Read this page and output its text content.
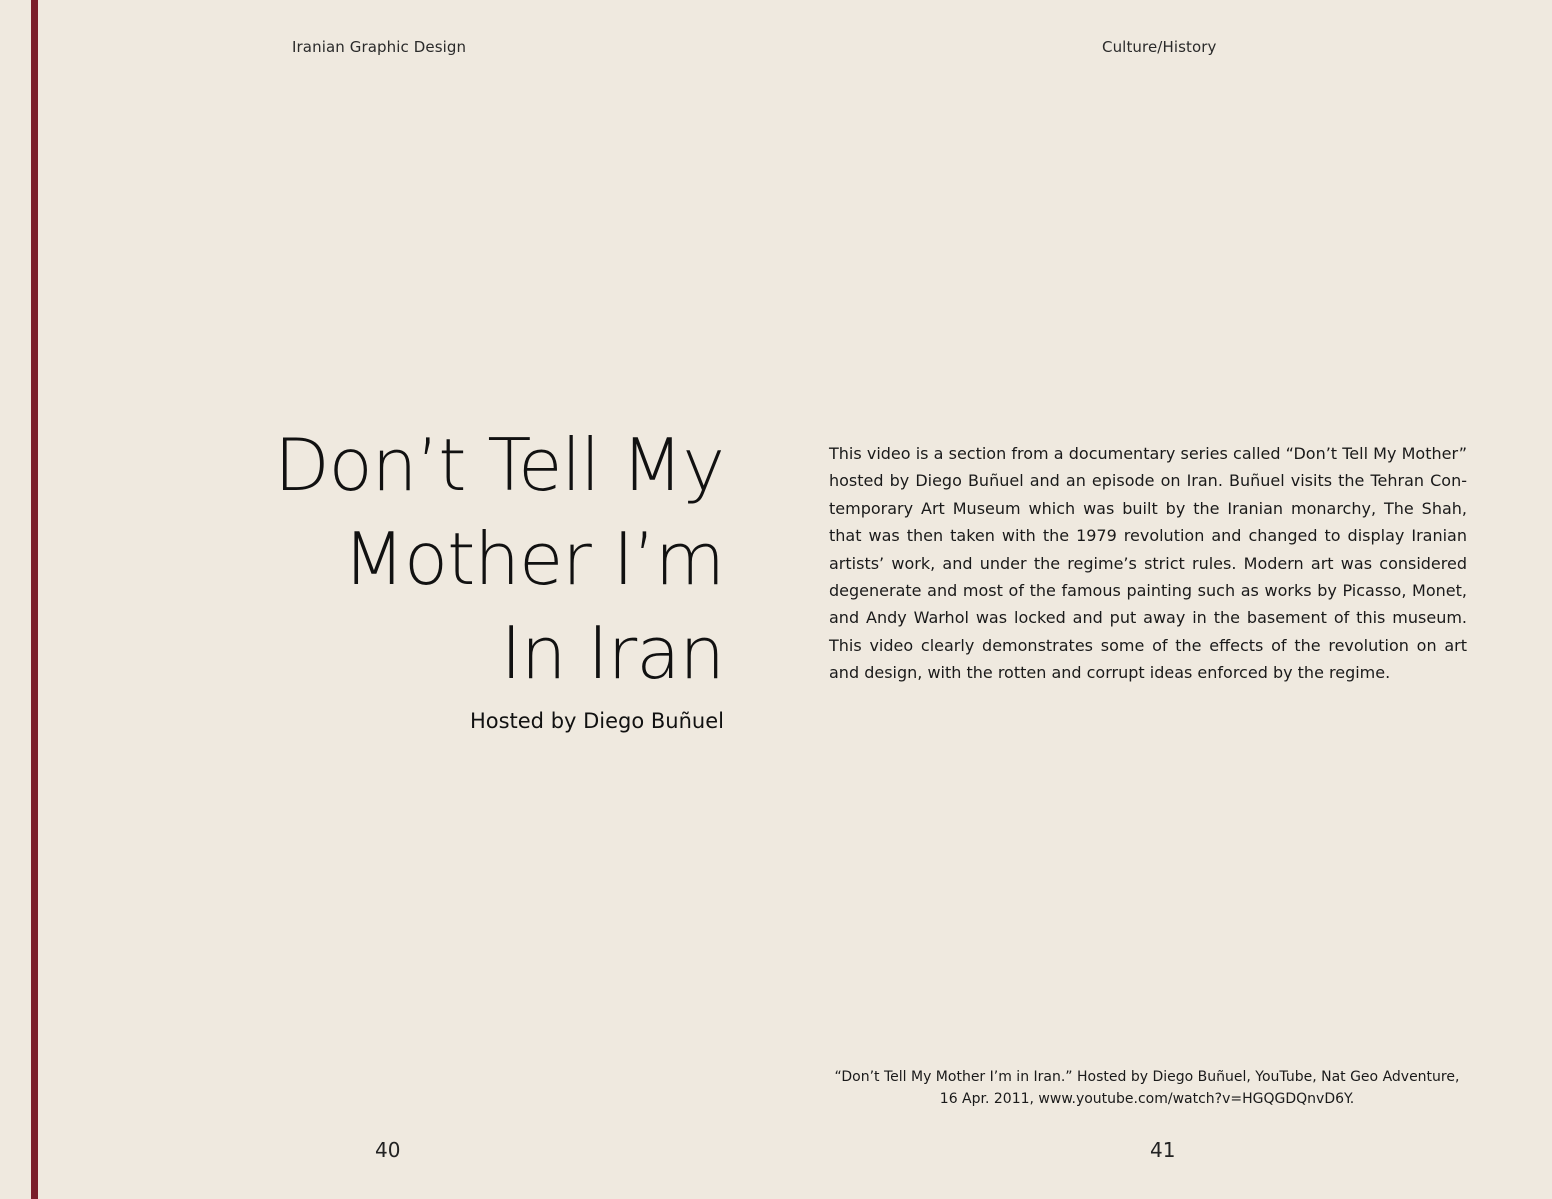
Iranian Graphic Design	Culture/History
Don’t Tell My
Mother I’m
In Iran
Hosted by Diego Buñuel

This video is a section from a documentary series called “Don’t Tell My Mother” hosted by Diego Buñuel and an episode on Iran. Buñuel visits the Tehran Contemporary Art Museum which was built by the Iranian monarchy, The Shah, that was then taken with the 1979 revolution and changed to display Iranian artists’ work, and under the regime’s strict rules. Modern art was considered degenerate and most of the famous painting such as works by Picasso, Monet, and Andy Warhol was locked and put away in the basement of this museum. This video clearly demonstrates some of the effects of the revolution on art and design, with the rotten and corrupt ideas enforced by the regime.

“Don’t Tell My Mother I’m in Iran.” Hosted by Diego Buñuel, YouTube, Nat Geo Adventure,
16 Apr. 2011, www.youtube.com/watch?v=HGQGDQnvD6Y.
40	41
